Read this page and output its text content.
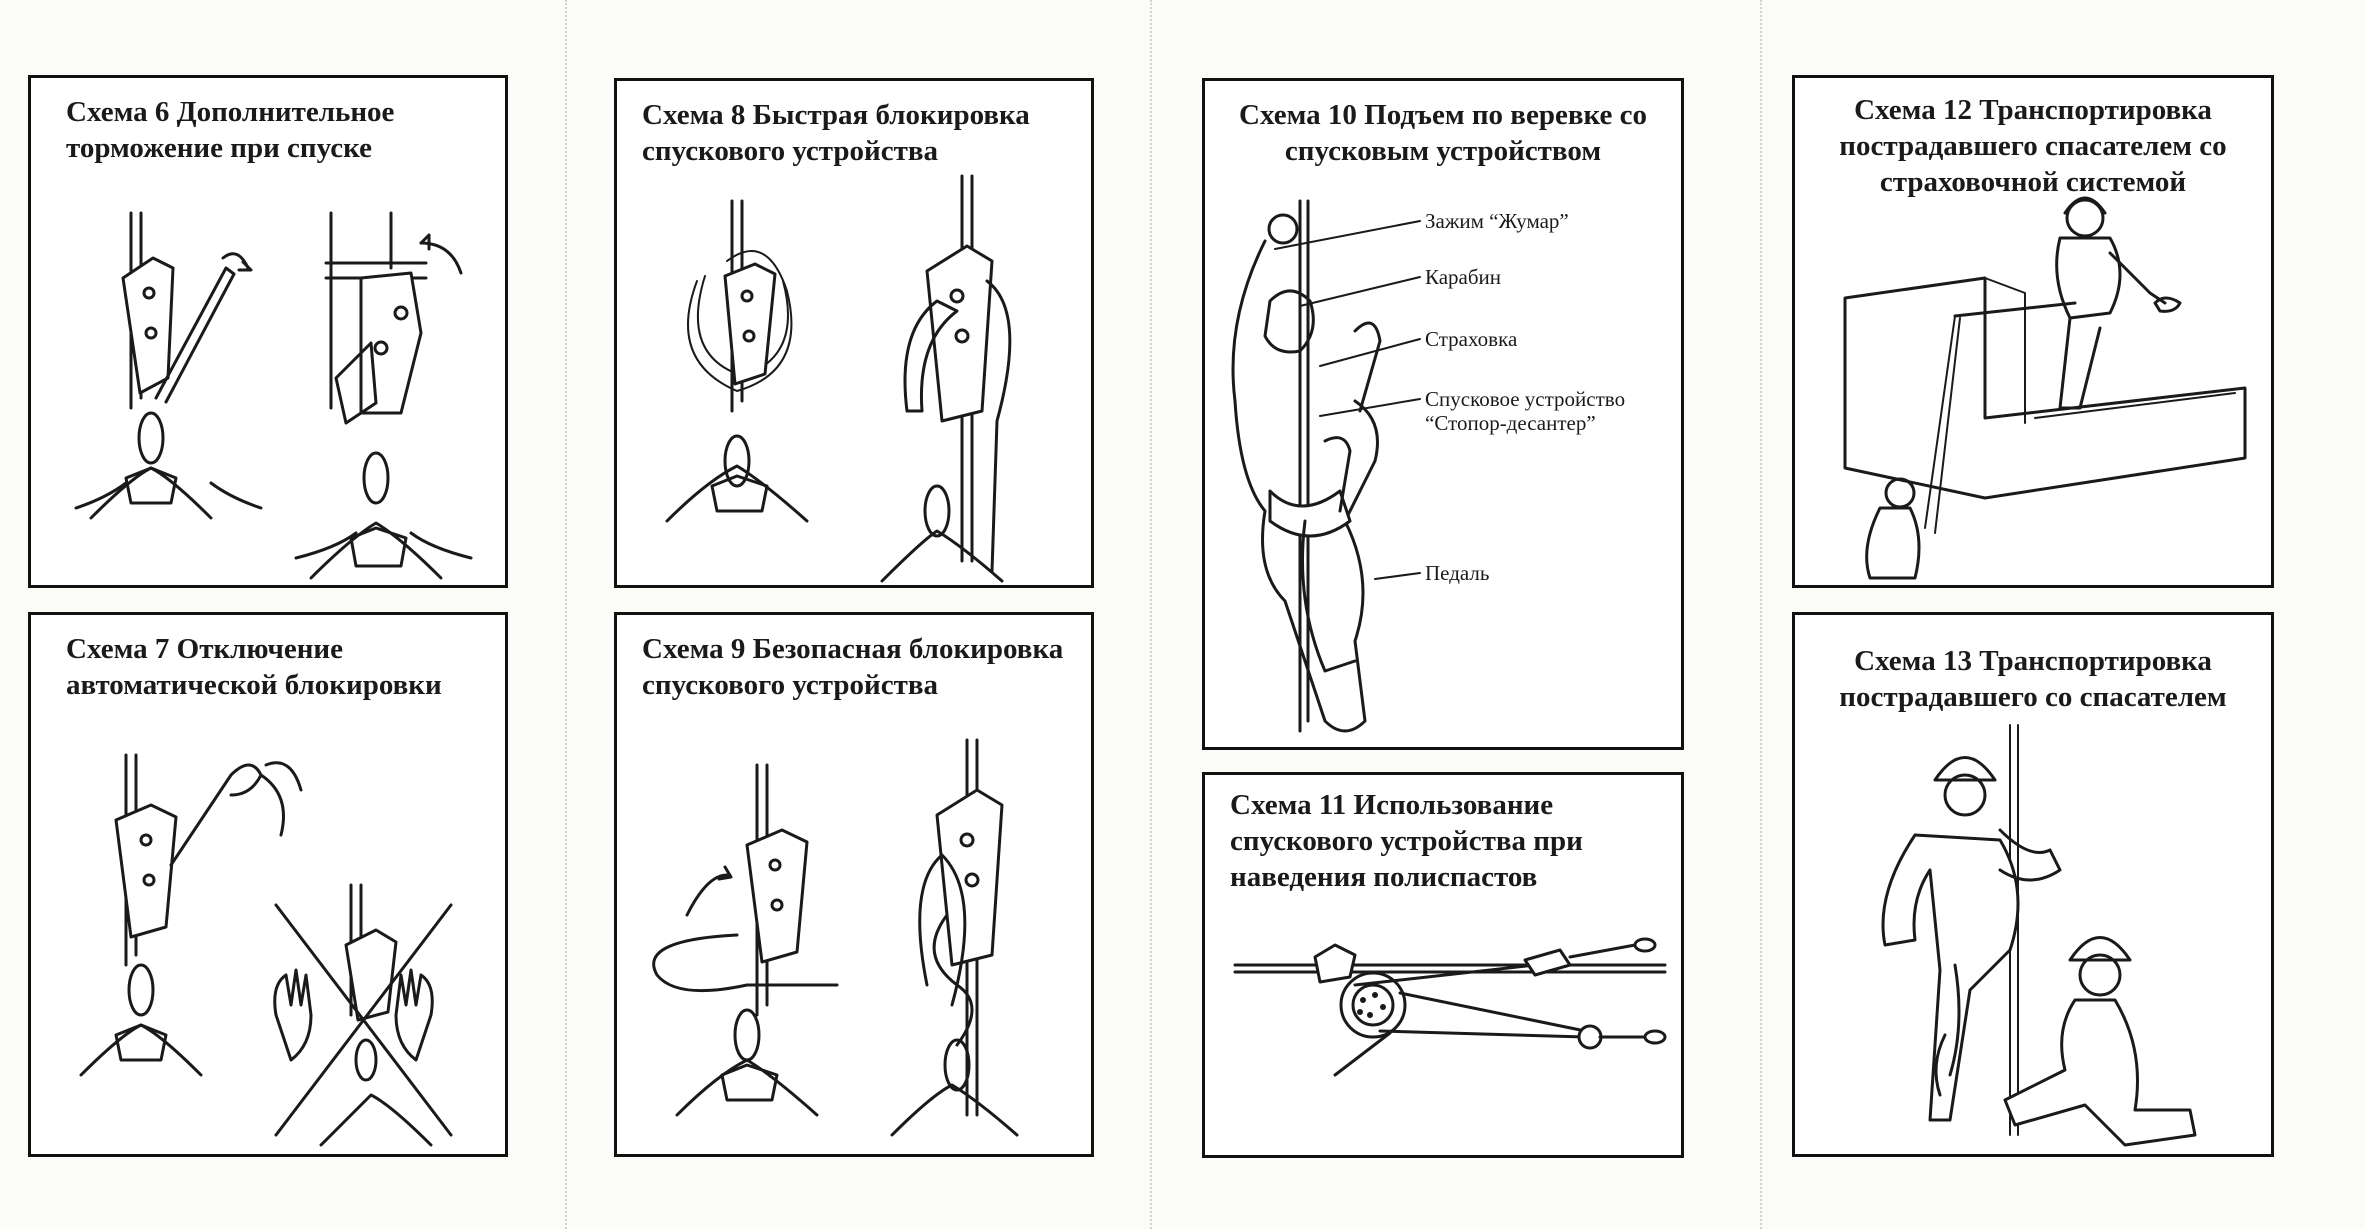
Схема 6 Дополнительное
торможение при спуске
Схема 7 Отключение
автоматической блокировки
Схема 8 Быстрая блокировка
спускового устройства
Схема 9 Безопасная блокировка
спускового устройства
Схема 10 Подъем по веревке со
спусковым устройством
Зажим “Жумар”
Карабин
Страховка
Спусковое устройство
“Стопор-десантер”
Педаль
Схема 11 Использование
спускового устройства при
наведения полиспастов
Схема 12 Транспортировка
пострадавшего спасателем со
страховочной системой
Схема 13 Транспортировка
пострадавшего со спасателем
